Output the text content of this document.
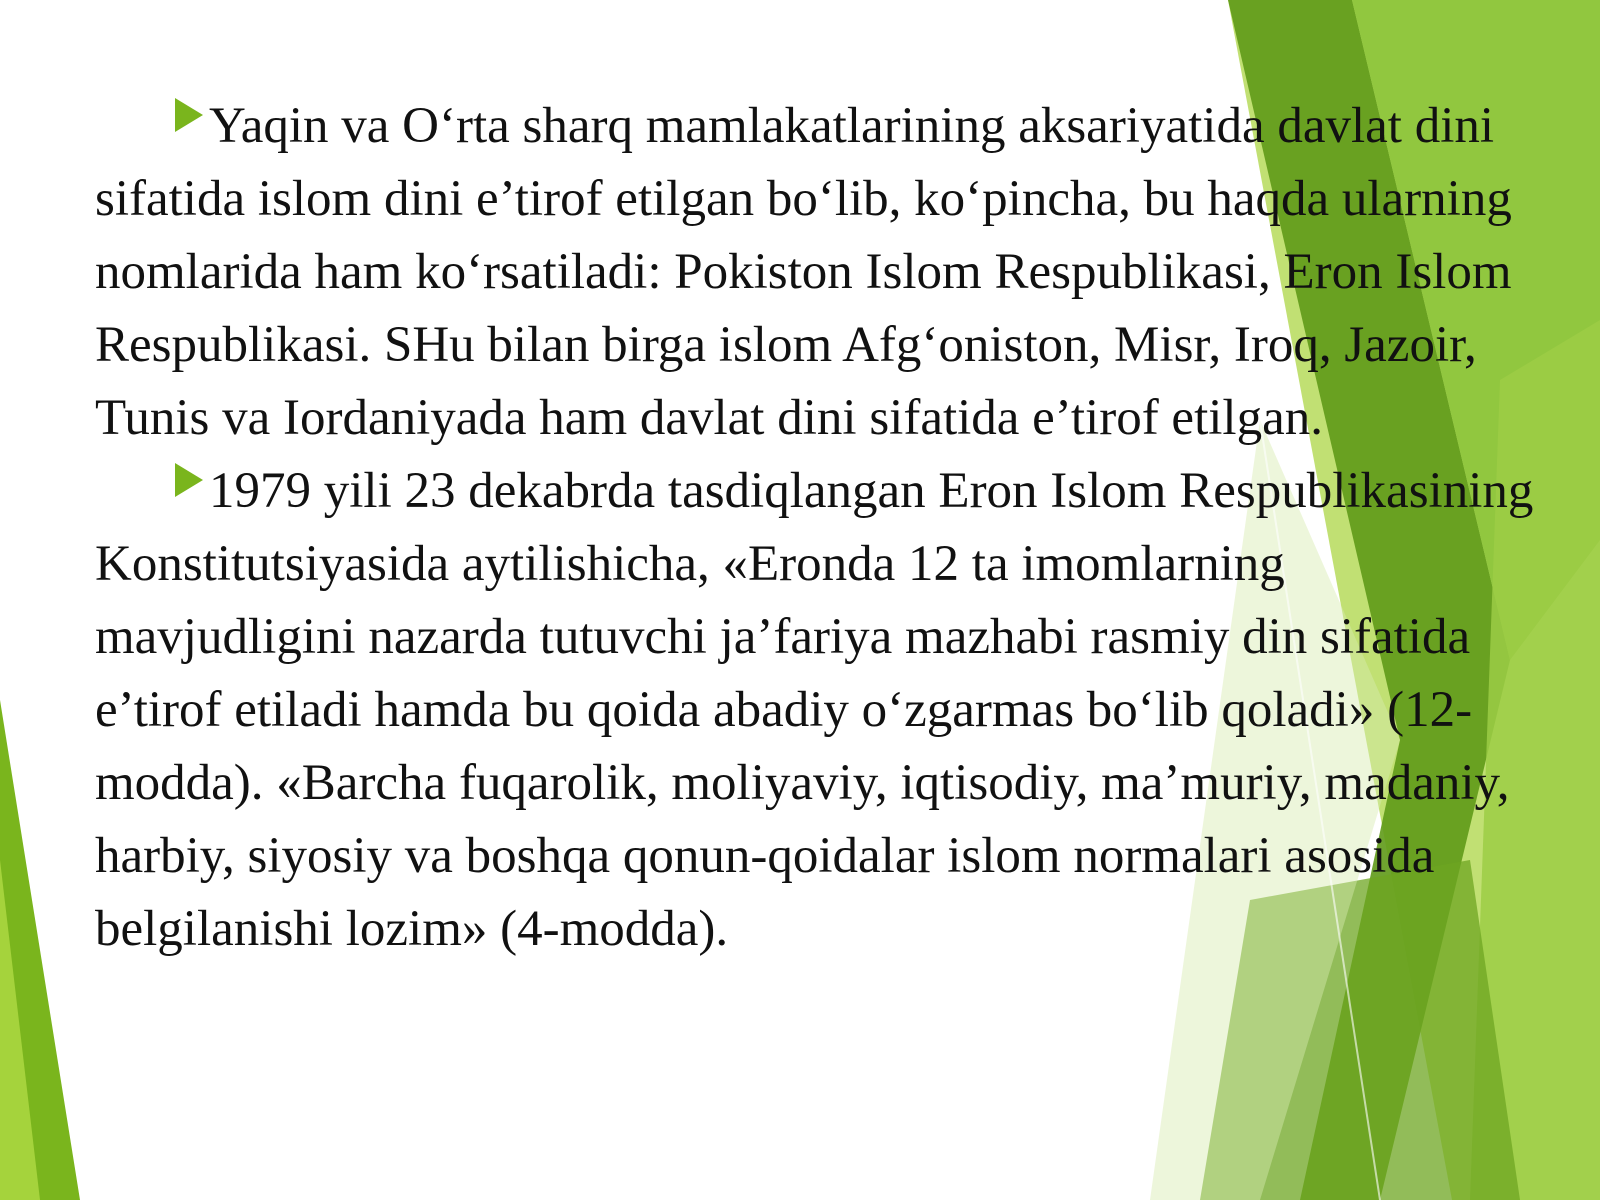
Yaqin va O‘rta sharq mamlakatlarining aksariyatida davlat dini sifatida islom dini e’tirof etilgan bo‘lib, ko‘pincha, bu haqda ularning nomlarida ham ko‘rsatiladi: Pokiston Islom Respublikasi, Eron Islom Respublikasi. SHu bilan birga islom Afg‘oniston, Misr, Iroq, Jazoir, Tunis va Iordaniyada ham davlat dini sifatida e’tirof etilgan.

1979 yili 23 dekabrda tasdiqlangan Eron Islom Respublikasining Konstitutsiyasida aytilishicha, «Eronda 12 ta imomlarning mavjudligini nazarda tutuvchi ja’fariya mazhabi rasmiy din sifatida e’tirof etiladi hamda bu qoida abadiy o‘zgarmas bo‘lib qoladi» (12-modda). «Barcha fuqarolik, moliyaviy, iqtisodiy, ma’muriy, madaniy, harbiy, siyosiy va boshqa qonun-qoidalar islom normalari asosida belgilanishi lozim» (4-modda).
